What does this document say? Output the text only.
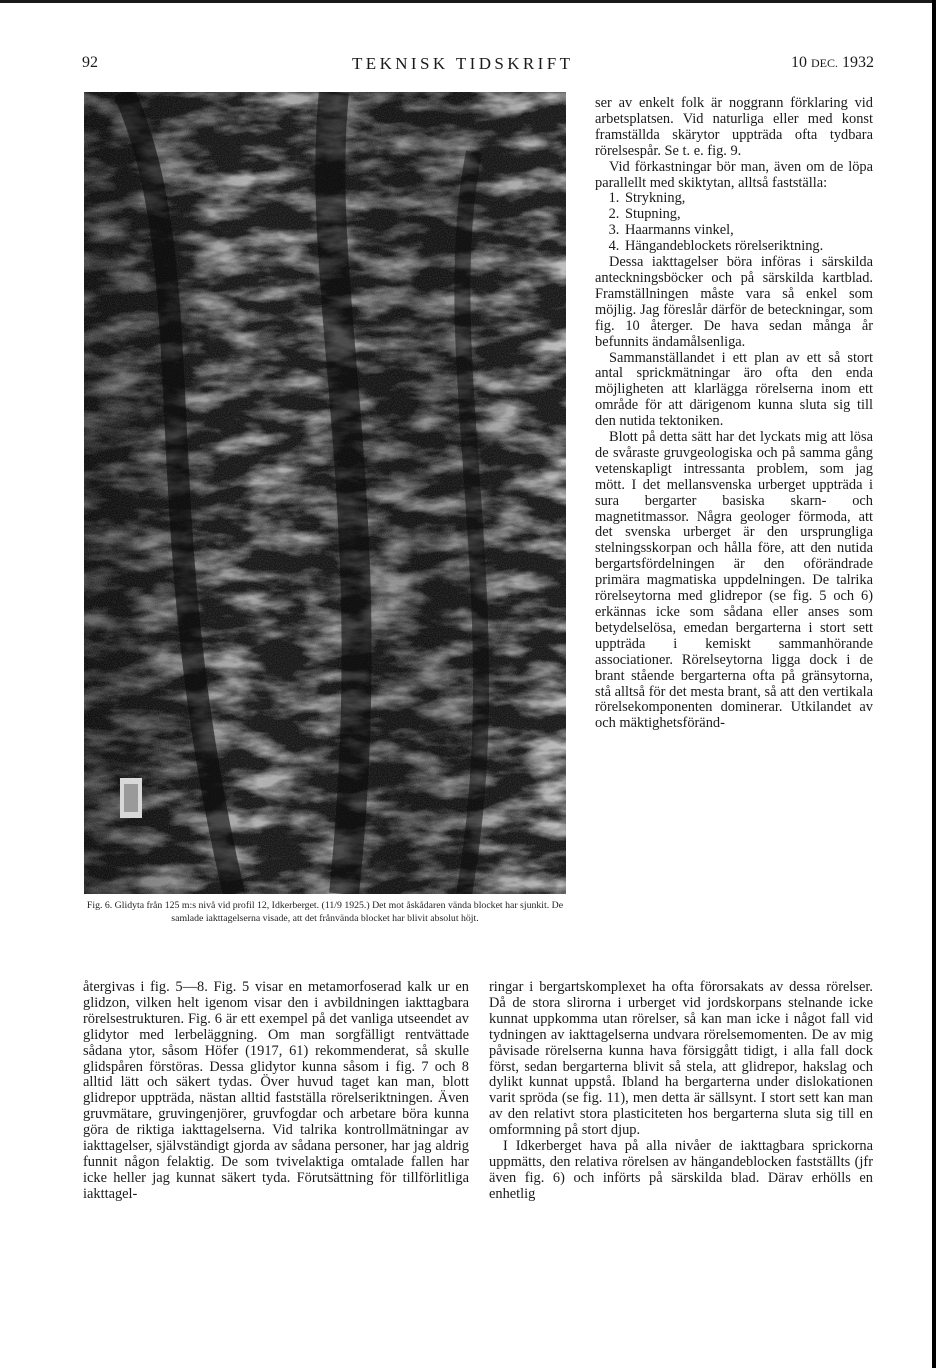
92	TEKNISK TIDSKRIFT	10 DEC. 1932
Fig. 6. Glidyta från 125 m:s nivå vid profil 12, Idkerberget. (11/9 1925.) Det mot åskådaren vända blocket har sjunkit. De samlade iakttagelserna visade, att det frånvända blocket har blivit absolut höjt.

ser av enkelt folk är noggrann förklaring vid arbetsplatsen. Vid naturliga eller med konst framställda skärytor uppträda ofta tydbara rörelsespår. Se t. e. fig. 9.

Vid förkastningar bör man, även om de löpa parallellt med skiktytan, alltså fastställa:

1. Strykning,
2. Stupning,
3. Haarmanns vinkel,
4. Hängandeblockets rörelseriktning.

Dessa iakttagelser böra införas i särskilda anteckningsböcker och på särskilda kartblad. Framställningen måste vara så enkel som möjlig. Jag föreslår därför de beteckningar, som fig. 10 återger. De hava sedan många år befunnits ändamålsenliga.

Sammanställandet i ett plan av ett så stort antal sprickmätningar äro ofta den enda möjligheten att klarlägga rörelserna inom ett område för att därigenom kunna sluta sig till den nutida tektoniken.

Blott på detta sätt har det lyckats mig att lösa de svåraste gruvgeologiska och på samma gång vetenskapligt intressanta problem, som jag mött. I det mellansvenska urberget uppträda i sura bergarter basiska skarn- och magnetitmassor. Några geologer förmoda, att det svenska urberget är den ursprungliga stelningsskorpan och hålla före, att den nutida bergartsfördelningen är den oförändrade primära magmatiska uppdelningen. De talrika rörelseytorna med glidrepor (se fig. 5 och 6) erkännas icke som sådana eller anses som betydelselösa, emedan bergarterna i stort sett uppträda i kemiskt sammanhörande associationer. Rörelseytorna ligga dock i de brant stående bergarterna ofta på gränsytorna, stå alltså för det mesta brant, så att den vertikala rörelsekomponenten dominerar. Utkilandet av och mäktighetsföränd-

återgivas i fig. 5—8. Fig. 5 visar en metamorfoserad kalk ur en glidzon, vilken helt igenom visar den i avbildningen iakttagbara rörelsestrukturen. Fig. 6 är ett exempel på det vanliga utseendet av glidytor med lerbeläggning. Om man sorgfälligt rentvättade sådana ytor, såsom Höfer (1917, 61) rekommenderat, så skulle glidspåren förstöras. Dessa glidytor kunna såsom i fig. 7 och 8 alltid lätt och säkert tydas. Över huvud taget kan man, blott glidrepor uppträda, nästan alltid fastställa rörelseriktningen. Även gruvmätare, gruvingenjörer, gruvfogdar och arbetare böra kunna göra de riktiga iakttagelserna. Vid talrika kontrollmätningar av iakttagelser, självständigt gjorda av sådana personer, har jag aldrig funnit någon felaktig. De som tvivelaktiga omtalade fallen har icke heller jag kunnat säkert tyda. Förutsättning för tillförlitliga iakttagel-

ringar i bergartskomplexet ha ofta förorsakats av dessa rörelser. Då de stora slirorna i urberget vid jordskorpans stelnande icke kunnat uppkomma utan rörelser, så kan man icke i något fall vid tydningen av iakttagelserna undvara rörelsemomenten. De av mig påvisade rörelserna kunna hava försiggått tidigt, i alla fall dock först, sedan bergarterna blivit så stela, att glidrepor, hakslag och dylikt kunnat uppstå. Ibland ha bergarterna under dislokationen varit spröda (se fig. 11), men detta är sällsynt. I stort sett kan man av den relativt stora plasticiteten hos bergarterna sluta sig till en omformning på stort djup.

I Idkerberget hava på alla nivåer de iakttagbara sprickorna uppmätts, den relativa rörelsen av hängandeblocken fastställts (jfr även fig. 6) och införts på särskilda blad. Därav erhölls en enhetlig
